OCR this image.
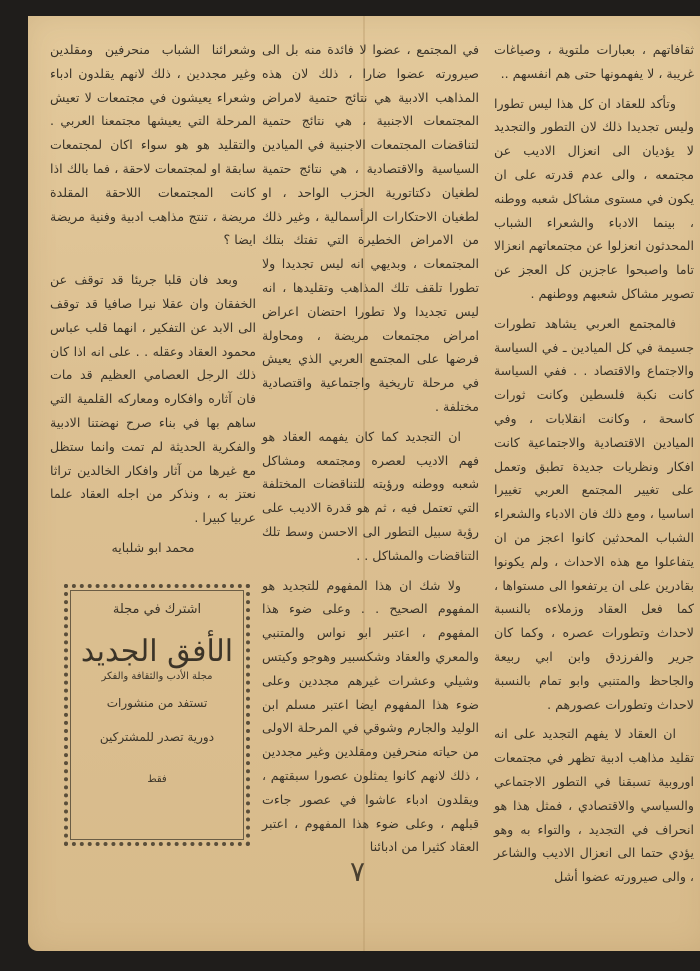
ثقافاتهم ، بعبارات ملتوية ، وصياغات غريبة ، لا يفهمونها حتى هم انفسهم ..

وتأكد للعقاد ان كل هذا ليس تطورا وليس تجديدا ذلك لان التطور والتجديد لا يؤديان الى انعزال الاديب عن مجتمعه ، والى عدم قدرته على ان يكون في مستوى مشاكل شعبه ووطنه ، بينما الادباء والشعراء الشباب المحدثون انعزلوا عن مجتمعاتهم انعزالا تاما واصبحوا عاجزين كل العجز عن تصوير مشاكل شعبهم ووطنهم .

فالمجتمع العربي يشاهد تطورات جسيمة في كل الميادين ـ في السياسة والاجتماع والاقتصاد . . ففي السياسة كانت نكبة فلسطين وكانت ثورات كاسحة ، وكانت انقلابات ، وفي الميادين الاقتصادية والاجتماعية كانت افكار ونظريات جديدة تطبق وتعمل على تغيير المجتمع العربي تغييرا اساسيا ، ومع ذلك فان الادباء والشعراء الشباب المحدثين كانوا اعجز من ان يتفاعلوا مع هذه الاحداث ، ولم يكونوا بقادرين على ان يرتفعوا الى مستواها ، كما فعل العقاد وزملاءه بالنسبة لاحداث وتطورات عصره ، وكما كان جرير والفرزدق وابن ابي ربيعة والجاحظ والمتنبي وابو تمام بالنسبة لاحداث وتطورات عصورهم .

ان العقاد لا يفهم التجديد على انه تقليد مذاهب ادبية تظهر في مجتمعات اوروبية تسبقنا في التطور الاجتماعي والسياسي والاقتصادي ، فمثل هذا هو انحراف في التجديد ، والتواء به وهو يؤدي حتما الى انعزال الاديب والشاعر ، والى صيرورته عضوا أشل

في المجتمع ، عضوا لا فائدة منه بل الى صيرورته عضوا ضارا ، ذلك لان هذه المذاهب الادبية هي نتائج حتمية لامراض المجتمعات الاجنبية ، هي نتائج حتمية لتناقضات المجتمعات الاجنبية في الميادين السياسية والاقتصادية ، هي نتائج حتمية لطغيان دكتاتورية الحزب الواحد ، او لطغيان الاحتكارات الرأسمالية ، وغير ذلك من الامراض الخطيرة التي تفتك بتلك المجتمعات ، وبديهي انه ليس تجديدا ولا تطورا تلقف تلك المذاهب وتقليدها ، انه ليس تجديدا ولا تطورا احتضان اعراض امراض مجتمعات مريضة ، ومحاولة فرضها على المجتمع العربي الذي يعيش في مرحلة تاريخية واجتماعية واقتصادية مختلفة .

ان التجديد كما كان يفهمه العقاد هو فهم الاديب لعصره ومجتمعه ومشاكل شعبه ووطنه ورؤيته للتناقضات المختلفة التي تعتمل فيه ، ثم هو قدرة الاديب على رؤية سبيل التطور الى الاحسن وسط تلك التناقضات والمشاكل . .

ولا شك ان هذا المفهوم للتجديد هو المفهوم الصحيح . . وعلى ضوء هذا المفهوم ، اعتبر ابو نواس والمتنبي والمعري والعقاد وشكسبير وهوجو وكيتس وشيلي وعشرات غيرهم مجددين وعلى ضوء هذا المفهوم ايضا اعتبر مسلم ابن الوليد والجارم وشوقي في المرحلة الاولى من حياته منحرفين ومقلدين وغير مجددين ، ذلك لانهم كانوا يمثلون عصورا سبقتهم ، ويقلدون ادباء عاشوا في عصور جاءت قبلهم ، وعلى ضوء هذا المفهوم ، اعتبر العقاد كثيرا من ادبائنا

وشعرائنا الشباب منحرفين ومقلدين وغير مجددين ، ذلك لانهم يقلدون ادباء وشعراء يعيشون في مجتمعات لا تعيش المرحلة التي يعيشها مجتمعنا العربي . والتقليد هو هو سواء اكان لمجتمعات سابقة او لمجتمعات لاحقة ، فما بالك اذا كانت المجتمعات اللاحقة المقلدة مريضة ، تنتج مذاهب ادبية وفنية مريضة ايضا ؟

وبعد فان قلبا جريئا قد توقف عن الخفقان وان عقلا نيرا صافيا قد توقف الى الابد عن التفكير ، انهما قلب عباس محمود العقاد وعقله . . على انه اذا كان ذلك الرجل العصامي العظيم قد مات فان آثاره وافكاره ومعاركه القلمية التي ساهم بها في بناء صرح نهضتنا الادبية والفكرية الحديثة لم تمت وانما ستظل مع غيرها من آثار وافكار الخالدين تراثا نعتز به ، ونذكر من اجله العقاد علما عربيا كبيرا .

محمد ابو شلبايه

اشترك في مجلة
الأفق الجديد
مجلة الأدب والثقافة والفكر
تستفد من منشورات
دورية تصدر للمشتركين
فقط
٧
